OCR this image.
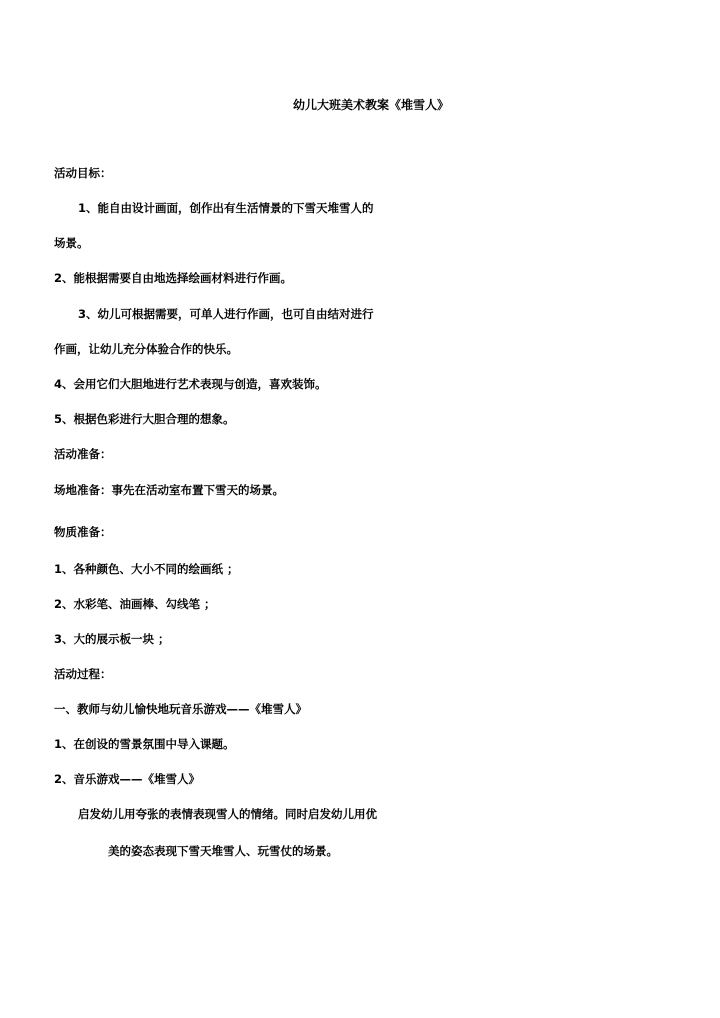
幼儿大班美术教案《堆雪人》
活动目标：
1、能自由设计画面，创作出有生活情景的下雪天堆雪人的
场景。
2、能根据需要自由地选择绘画材料进行作画。
3、幼儿可根据需要，可单人进行作画，也可自由结对进行
作画，让幼儿充分体验合作的快乐。
4、会用它们大胆地进行艺术表现与创造，喜欢装饰。
5、根据色彩进行大胆合理的想象。
活动准备：
场地准备：事先在活动室布置下雪天的场景。
物质准备：
1、各种颜色、大小不同的绘画纸 ；
2、水彩笔、油画棒、勾线笔 ；
3、大的展示板一块 ；
活动过程：
一、教师与幼儿愉快地玩音乐游戏——《堆雪人》
1、在创设的雪景氛围中导入课题。
2、音乐游戏——《堆雪人》
启发幼儿用夸张的表情表现雪人的情绪。同时启发幼儿用优
美的姿态表现下雪天堆雪人、玩雪仗的场景。
